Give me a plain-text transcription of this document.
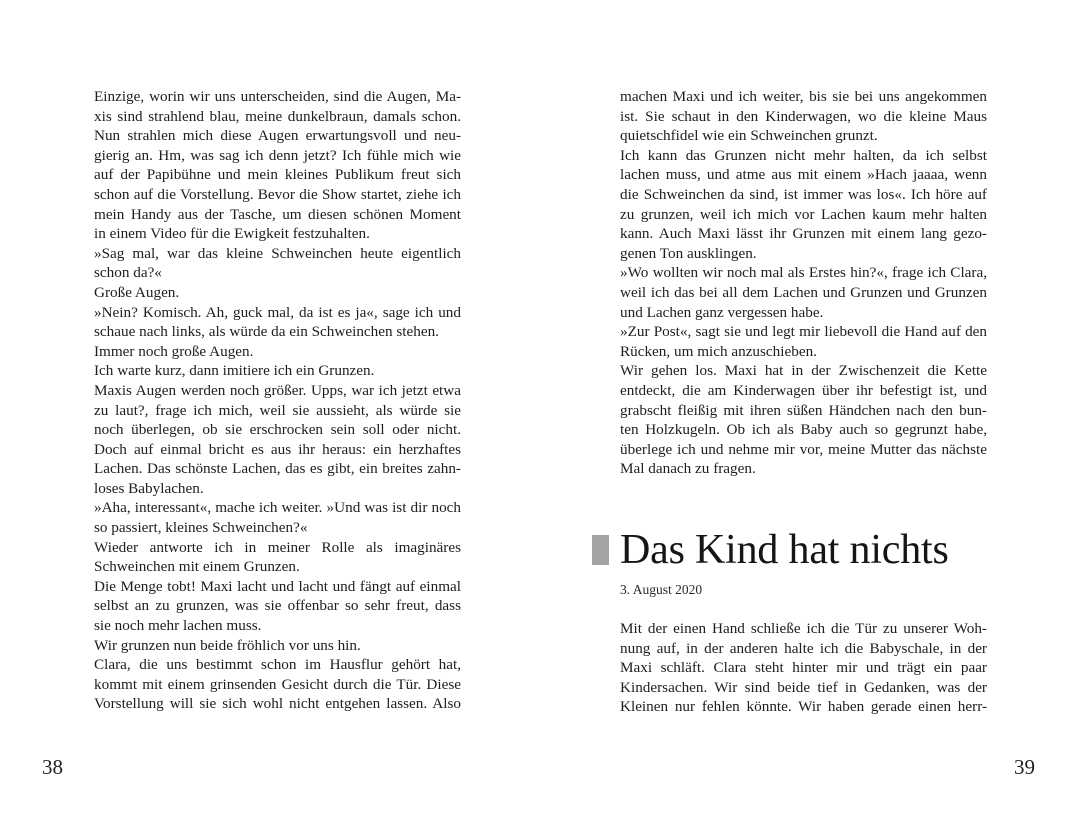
Einzige, worin wir uns unterscheiden, sind die Augen, Ma-
xis sind strahlend blau, meine dunkelbraun, damals schon.
Nun strahlen mich diese Augen erwartungsvoll und neu-
gierig an. Hm, was sag ich denn jetzt? Ich fühle mich wie
auf der Papibühne und mein kleines Publikum freut sich
schon auf die Vorstellung. Bevor die Show startet, ziehe ich
mein Handy aus der Tasche, um diesen schönen Moment
in einem Video für die Ewigkeit festzuhalten.
»Sag mal, war das kleine Schweinchen heute eigentlich
schon da?«
Große Augen.
»Nein? Komisch. Ah, guck mal, da ist es ja«, sage ich und
schaue nach links, als würde da ein Schweinchen stehen.
Immer noch große Augen.
Ich warte kurz, dann imitiere ich ein Grunzen.
Maxis Augen werden noch größer. Upps, war ich jetzt etwa
zu laut?, frage ich mich, weil sie aussieht, als würde sie
noch überlegen, ob sie erschrocken sein soll oder nicht.
Doch auf einmal bricht es aus ihr heraus: ein herzhaftes
Lachen. Das schönste Lachen, das es gibt, ein breites zahn-
loses Babylachen.
»Aha, interessant«, mache ich weiter. »Und was ist dir noch
so passiert, kleines Schweinchen?«
Wieder antworte ich in meiner Rolle als imaginäres
Schweinchen mit einem Grunzen.
Die Menge tobt! Maxi lacht und lacht und fängt auf einmal
selbst an zu grunzen, was sie offenbar so sehr freut, dass
sie noch mehr lachen muss.
Wir grunzen nun beide fröhlich vor uns hin.
Clara, die uns bestimmt schon im Hausflur gehört hat,
kommt mit einem grinsenden Gesicht durch die Tür. Diese
Vorstellung will sie sich wohl nicht entgehen lassen. Also
38
machen Maxi und ich weiter, bis sie bei uns angekommen
ist. Sie schaut in den Kinderwagen, wo die kleine Maus
quietschfidel wie ein Schweinchen grunzt.
Ich kann das Grunzen nicht mehr halten, da ich selbst
lachen muss, und atme aus mit einem »Hach jaaaa, wenn
die Schweinchen da sind, ist immer was los«. Ich höre auf
zu grunzen, weil ich mich vor Lachen kaum mehr halten
kann. Auch Maxi lässt ihr Grunzen mit einem lang gezo-
genen Ton ausklingen.
»Wo wollten wir noch mal als Erstes hin?«, frage ich Clara,
weil ich das bei all dem Lachen und Grunzen und Grunzen
und Lachen ganz vergessen habe.
»Zur Post«, sagt sie und legt mir liebevoll die Hand auf den
Rücken, um mich anzuschieben.
Wir gehen los. Maxi hat in der Zwischenzeit die Kette
entdeckt, die am Kinderwagen über ihr befestigt ist, und
grabscht fleißig mit ihren süßen Händchen nach den bun-
ten Holzkugeln. Ob ich als Baby auch so gegrunzt habe,
überlege ich und nehme mir vor, meine Mutter das nächste
Mal danach zu fragen.
Das Kind hat nichts
3. August 2020
Mit der einen Hand schließe ich die Tür zu unserer Woh-
nung auf, in der anderen halte ich die Babyschale, in der
Maxi schläft. Clara steht hinter mir und trägt ein paar
Kindersachen. Wir sind beide tief in Gedanken, was der
Kleinen nur fehlen könnte. Wir haben gerade einen herr-
39
